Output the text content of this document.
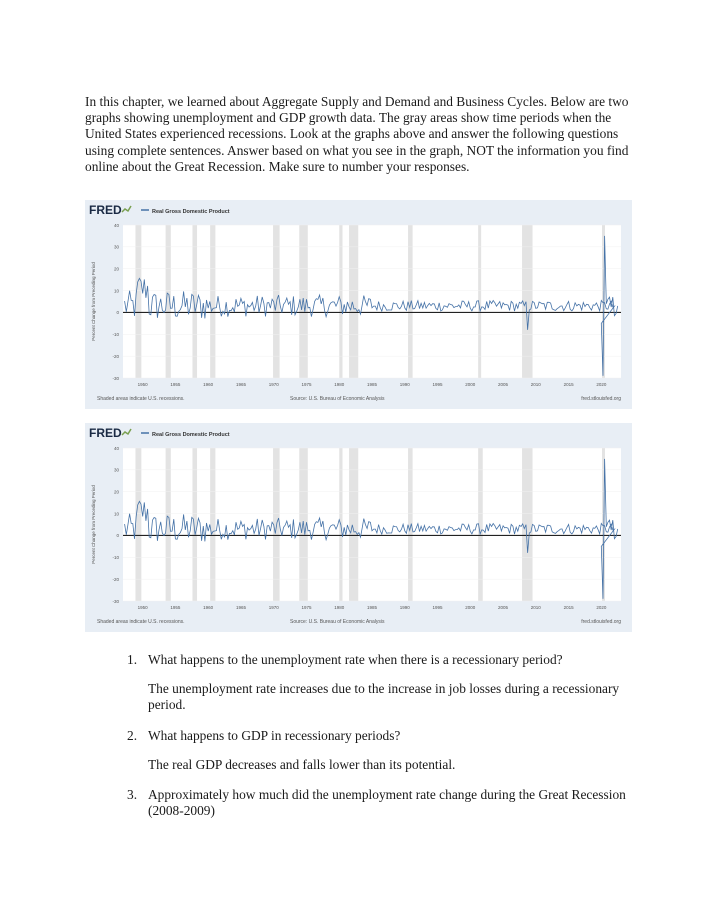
In this chapter, we learned about Aggregate Supply and Demand and Business Cycles. Below are two graphs showing unemployment and GDP growth data. The gray areas show time periods when the United States experienced recessions. Look at the graphs above and answer the following questions using complete sentences. Answer based on what you see in the graph, NOT the information you find online about the Great Recession. Make sure to number your responses.

FRED	Real Gross Domestic Product
40
30
20
10
0
-10
-20
-30
1950	1955	1960	1965	1970	1975	1980	1985	1990	1995	2000	2005	2010	2015	2020
Percent Change from Preceding Period
Shaded areas indicate U.S. recessions.	Source: U.S. Bureau of Economic Analysis	fred.stlouisfed.org
FRED	Real Gross Domestic Product
40
30
20
10
0
-10
-20
-30
1950	1955	1960	1965	1970	1975	1980	1985	1990	1995	2000	2005	2010	2015	2020
Percent Change from Preceding Period
Shaded areas indicate U.S. recessions.	Source: U.S. Bureau of Economic Analysis	fred.stlouisfed.org
1. What happens to the unemployment rate when there is a recessionary period?
The unemployment rate increases due to the increase in job losses during a recessionary period.
2. What happens to GDP in recessionary periods?
The real GDP decreases and falls lower than its potential.
3. Approximately how much did the unemployment rate change during the Great Recession (2008-2009)
